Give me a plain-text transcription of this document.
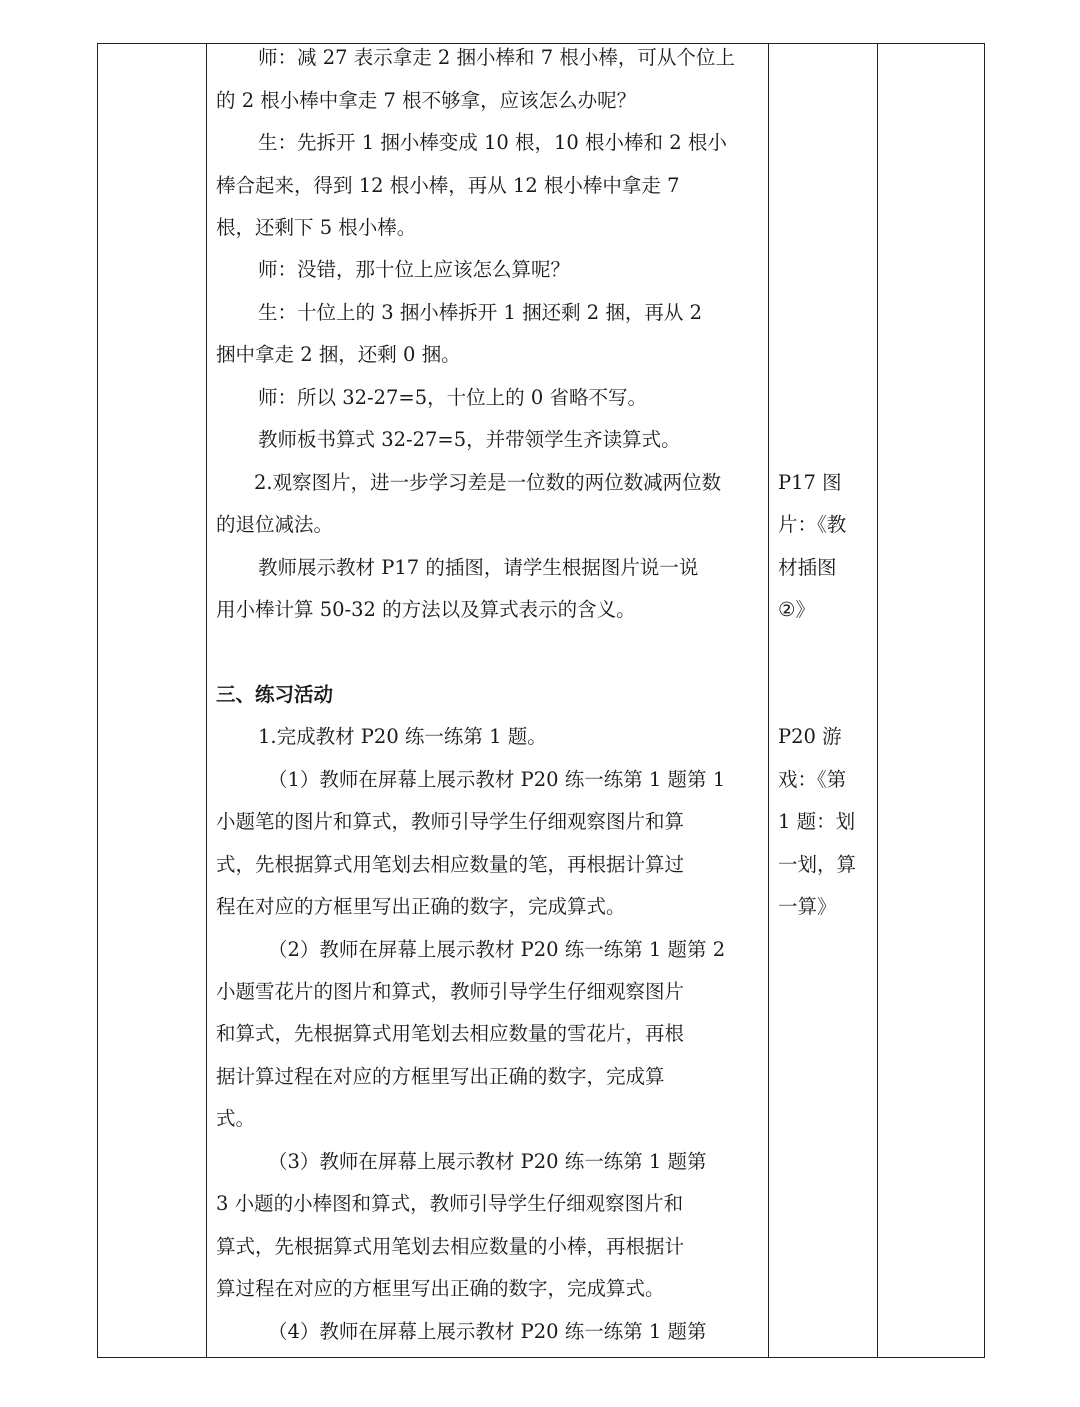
师：减 27 表示拿走 2 捆小棒和 7 根小棒，可从个位上
的 2 根小棒中拿走 7 根不够拿，应该怎么办呢？
生：先拆开 1 捆小棒变成 10 根，10 根小棒和 2 根小
棒合起来，得到 12 根小棒，再从 12 根小棒中拿走 7
根，还剩下 5 根小棒。
师：没错，那十位上应该怎么算呢？
生：十位上的 3 捆小棒拆开 1 捆还剩 2 捆，再从 2
捆中拿走 2 捆，还剩 0 捆。
师：所以 32-27=5，十位上的 0 省略不写。
教师板书算式 32-27=5，并带领学生齐读算式。
2.观察图片，进一步学习差是一位数的两位数减两位数
的退位减法。
教师展示教材 P17 的插图，请学生根据图片说一说
用小棒计算 50-32 的方法以及算式表示的含义。
三、练习活动
1.完成教材 P20 练一练第 1 题。
（1）教师在屏幕上展示教材 P20 练一练第 1 题第 1
小题笔的图片和算式，教师引导学生仔细观察图片和算
式，先根据算式用笔划去相应数量的笔，再根据计算过
程在对应的方框里写出正确的数字，完成算式。
（2）教师在屏幕上展示教材 P20 练一练第 1 题第 2
小题雪花片的图片和算式，教师引导学生仔细观察图片
和算式，先根据算式用笔划去相应数量的雪花片，再根
据计算过程在对应的方框里写出正确的数字，完成算
式。
（3）教师在屏幕上展示教材 P20 练一练第 1 题第
3 小题的小棒图和算式，教师引导学生仔细观察图片和
算式，先根据算式用笔划去相应数量的小棒，再根据计
算过程在对应的方框里写出正确的数字，完成算式。
（4）教师在屏幕上展示教材 P20 练一练第 1 题第
P17 图
片：《教
材插图
②》
P20 游
戏：《第
1 题：划
一划，算
一算》
